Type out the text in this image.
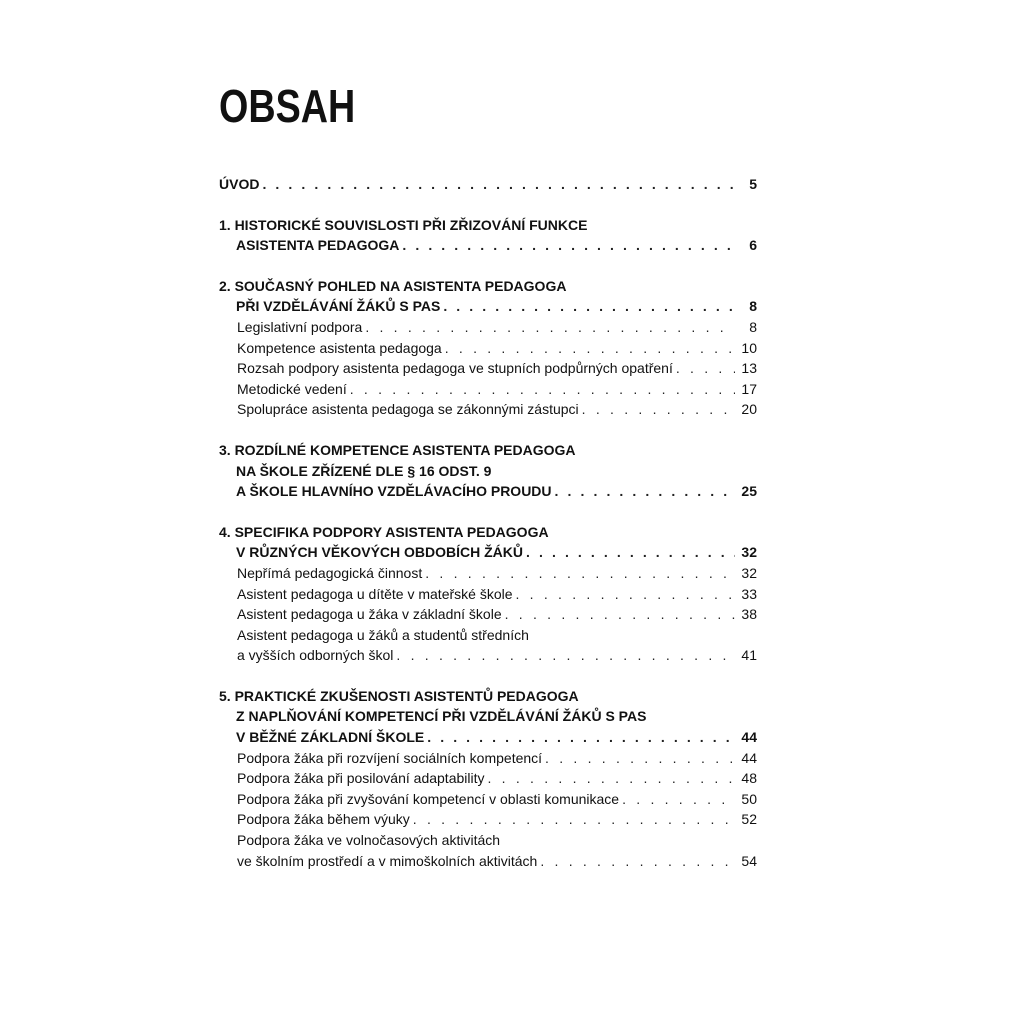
OBSAH
ÚVOD . . .	5
1. HISTORICKÉ SOUVISLOSTI PŘI ZŘIZOVÁNÍ FUNKCE
ASISTENTA PEDAGOGA . . .	6
2. SOUČASNÝ POHLED NA ASISTENTA PEDAGOGA
PŘI VZDĚLÁVÁNÍ ŽÁKŮ S PAS . . .	8
Legislativní podpora . . .	8
Kompetence asistenta pedagoga . . .	10
Rozsah podpory asistenta pedagoga ve stupních podpůrných opatření . . .	13
Metodické vedení . . .	17
Spolupráce asistenta pedagoga se zákonnými zástupci . . .	20
3. ROZDÍLNÉ KOMPETENCE ASISTENTA PEDAGOGA
NA ŠKOLE ZŘÍZENÉ DLE § 16 ODST. 9
A ŠKOLE HLAVNÍHO VZDĚLÁVACÍHO PROUDU . . .	25
4. SPECIFIKA PODPORY ASISTENTA PEDAGOGA
V RŮZNÝCH VĚKOVÝCH OBDOBÍCH ŽÁKŮ . . .	32
Nepřímá pedagogická činnost . . .	32
Asistent pedagoga u dítěte v mateřské škole . . .	33
Asistent pedagoga u žáka v základní škole . . .	38
Asistent pedagoga u žáků a studentů středních
a vyšších odborných škol . . .	41
5. PRAKTICKÉ ZKUŠENOSTI ASISTENTŮ PEDAGOGA
Z NAPLŇOVÁNÍ KOMPETENCÍ PŘI VZDĚLÁVÁNÍ ŽÁKŮ S PAS
V BĚŽNÉ ZÁKLADNÍ ŠKOLE . . .	44
Podpora žáka při rozvíjení sociálních kompetencí . . .	44
Podpora žáka při posilování adaptability . . .	48
Podpora žáka při zvyšování kompetencí v oblasti komunikace . . .	50
Podpora žáka během výuky . . .	52
Podpora žáka ve volnočasových aktivitách
ve školním prostředí a v mimoškolních aktivitách . . .	54
